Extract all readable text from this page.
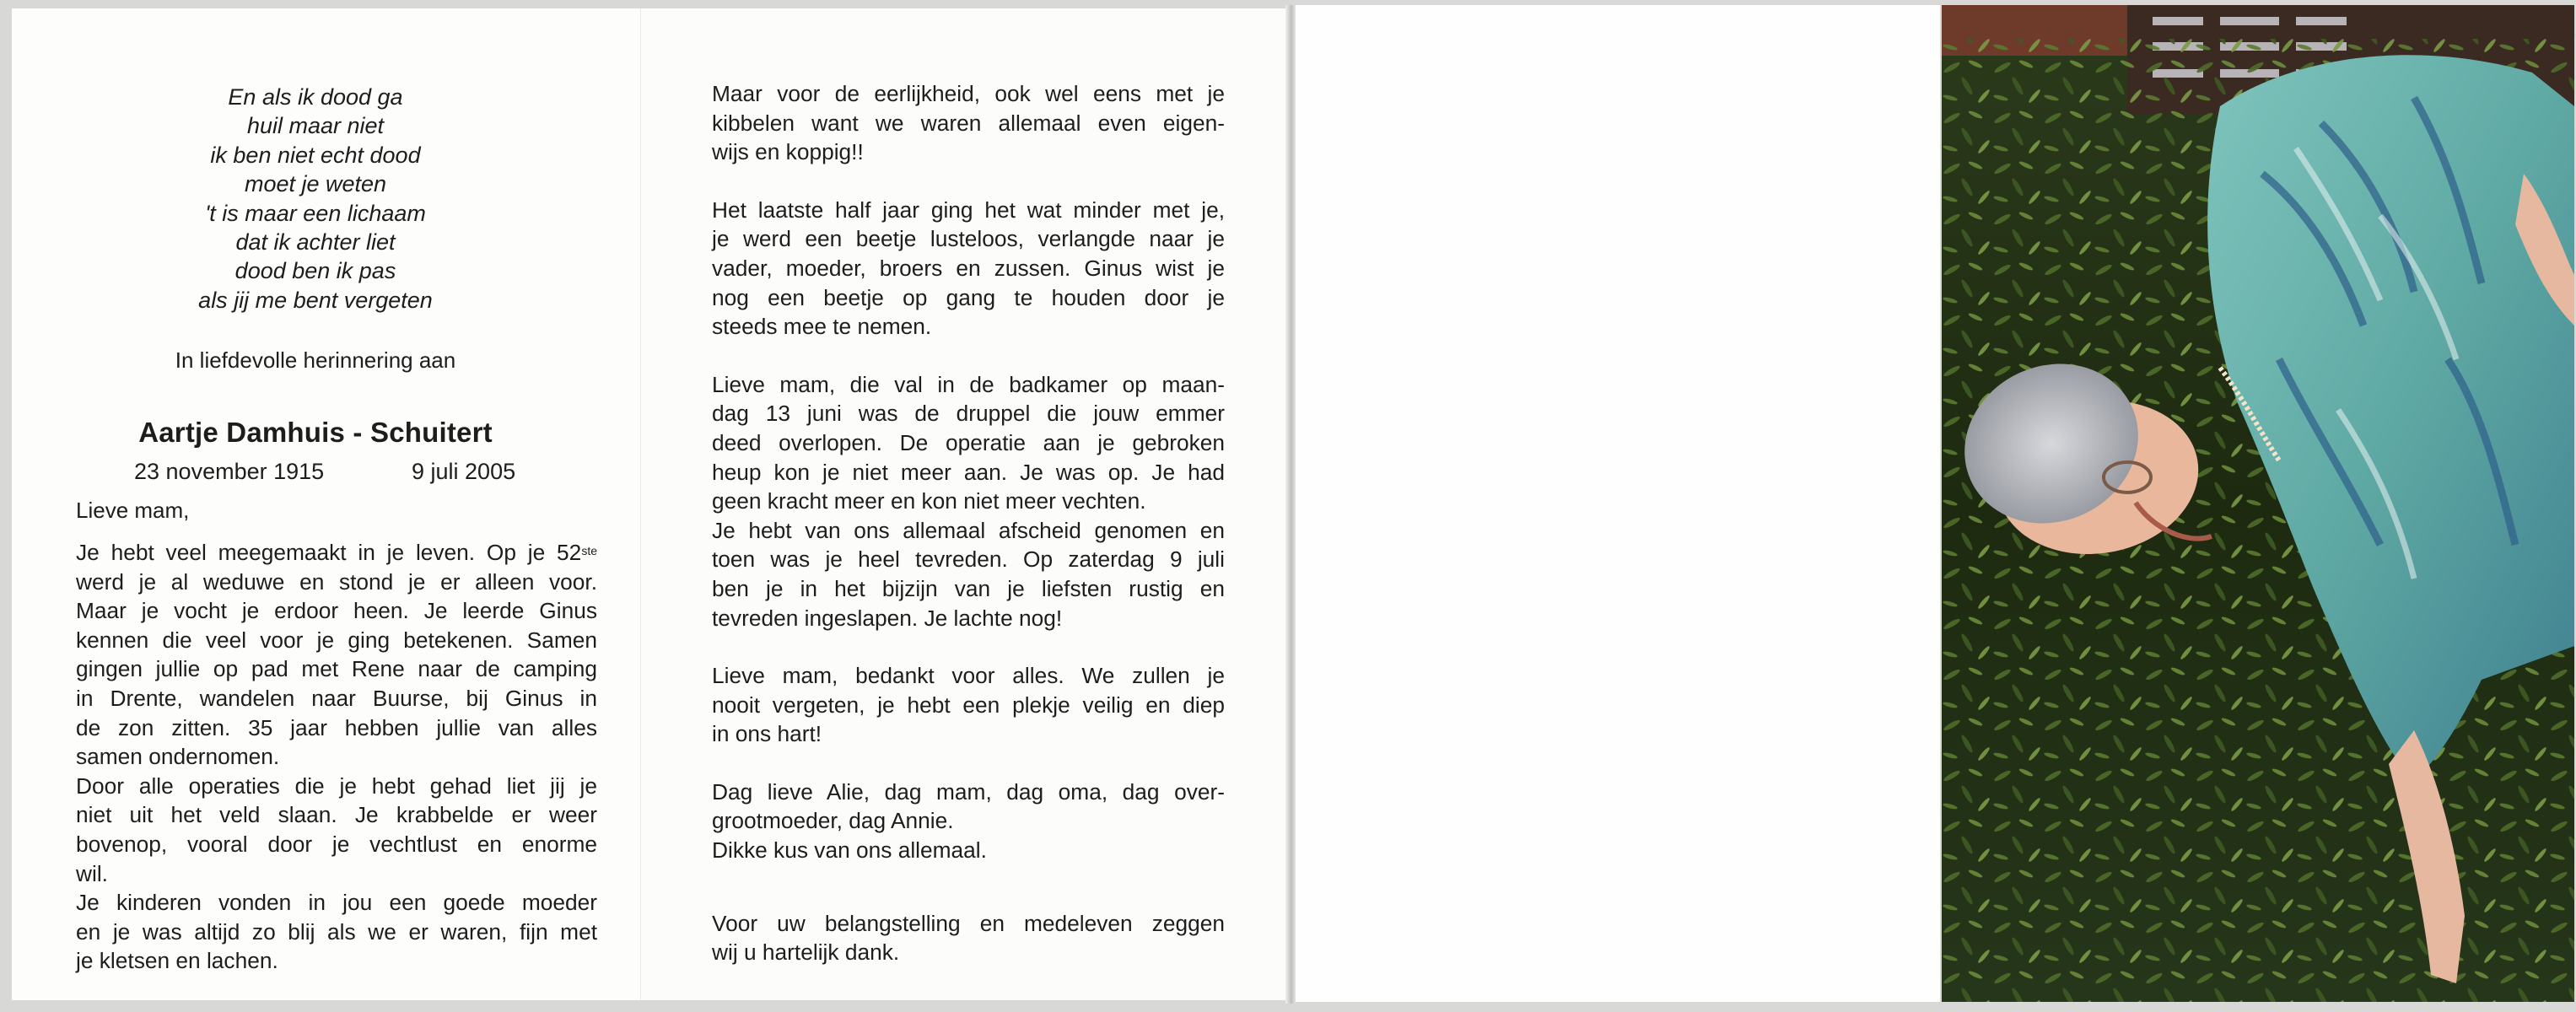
En als ik dood ga
huil maar niet
ik ben niet echt dood
moet je weten
't is maar een lichaam
dat ik achter liet
dood ben ik pas
als jij me bent vergeten
In liefdevolle herinnering aan
Aartje Damhuis - Schuitert
23 november 1915	9 juli 2005
Lieve mam,
Je hebt veel meegemaakt in je leven. Op je 52ste
werd je al weduwe en stond je er alleen voor.
Maar je vocht je erdoor heen. Je leerde Ginus
kennen die veel voor je ging betekenen. Samen
gingen jullie op pad met Rene naar de camping
in Drente, wandelen naar Buurse, bij Ginus in
de zon zitten. 35 jaar hebben jullie van alles
samen ondernomen.
Door alle operaties die je hebt gehad liet jij je
niet uit het veld slaan. Je krabbelde er weer
bovenop, vooral door je vechtlust en enorme
wil.
Je kinderen vonden in jou een goede moeder
en je was altijd zo blij als we er waren, fijn met
je kletsen en lachen.

Maar voor de eerlijkheid, ook wel eens met je
kibbelen want we waren allemaal even eigen-
wijs en koppig!!

Het laatste half jaar ging het wat minder met je,
je werd een beetje lusteloos, verlangde naar je
vader, moeder, broers en zussen. Ginus wist je
nog een beetje op gang te houden door je
steeds mee te nemen.

Lieve mam, die val in de badkamer op maan-
dag 13 juni was de druppel die jouw emmer
deed overlopen. De operatie aan je gebroken
heup kon je niet meer aan. Je was op. Je had
geen kracht meer en kon niet meer vechten.
Je hebt van ons allemaal afscheid genomen en
toen was je heel tevreden. Op zaterdag 9 juli
ben je in het bijzijn van je liefsten rustig en
tevreden ingeslapen. Je lachte nog!

Lieve mam, bedankt voor alles. We zullen je
nooit vergeten, je hebt een plekje veilig en diep
in ons hart!

Dag lieve Alie, dag mam, dag oma, dag over-
grootmoeder, dag Annie.
Dikke kus van ons allemaal.

Voor uw belangstelling en medeleven zeggen
wij u hartelijk dank.
